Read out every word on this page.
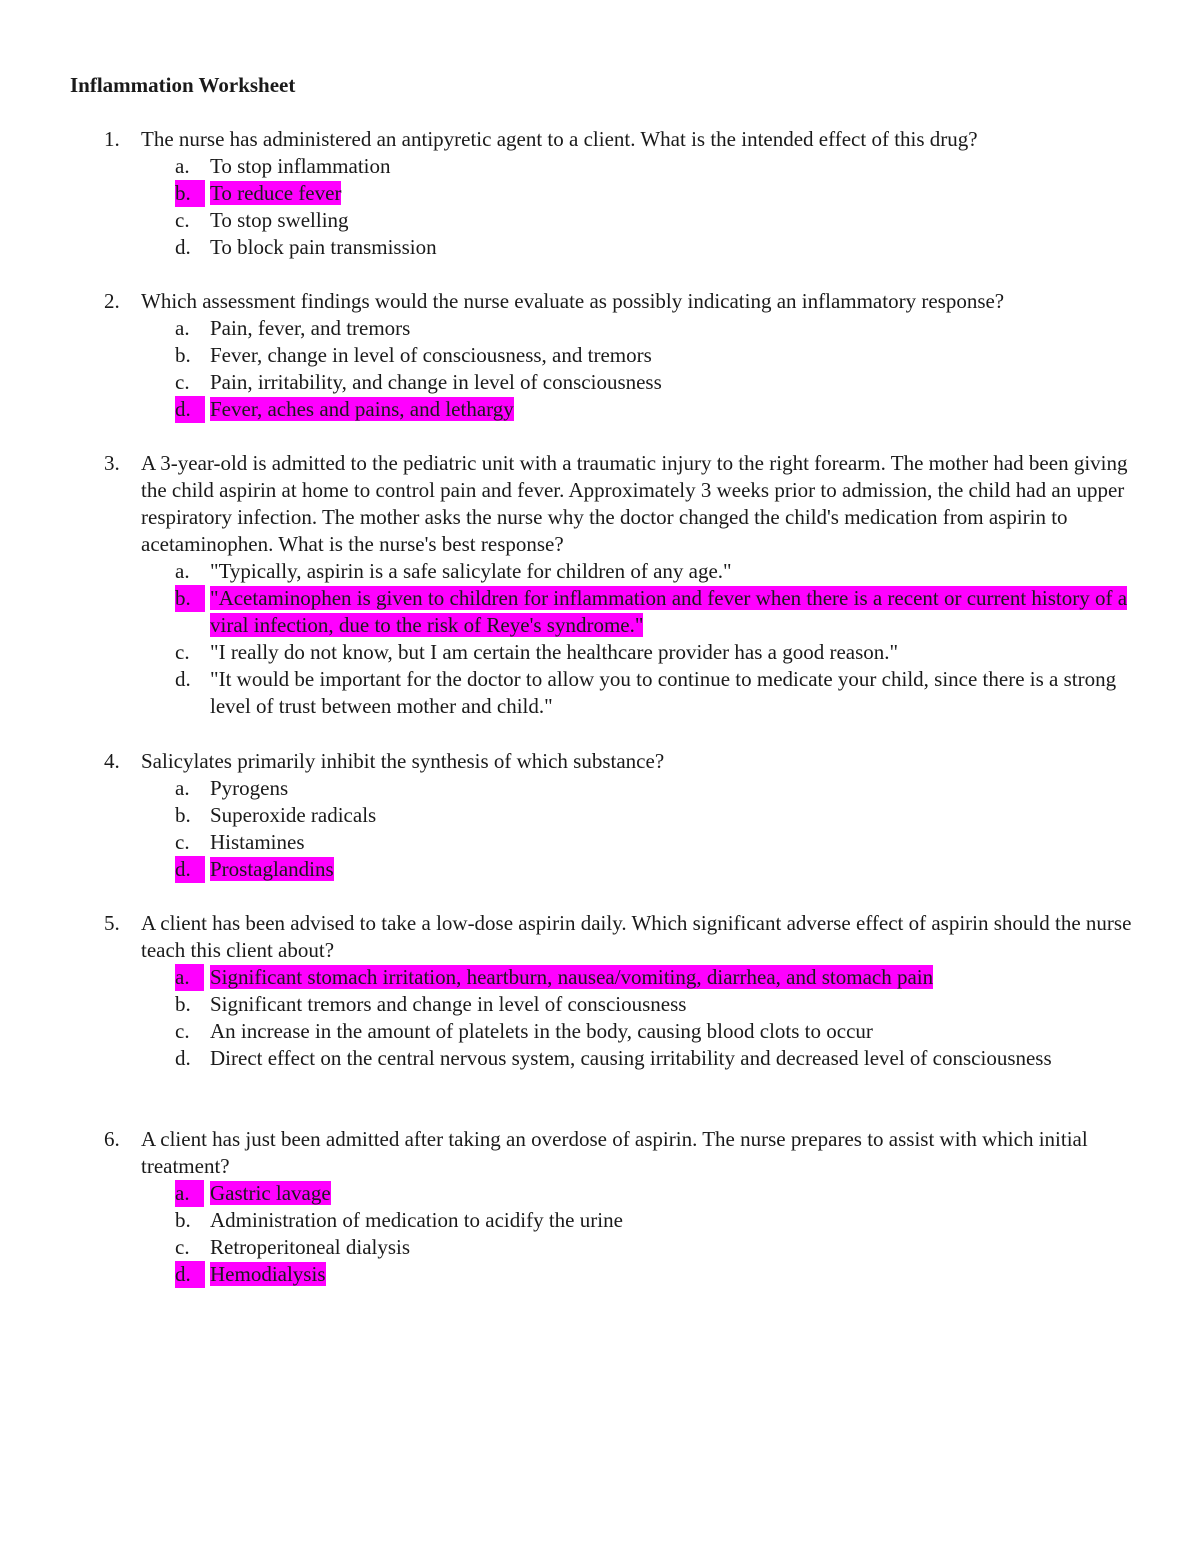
Inflammation Worksheet
1. The nurse has administered an antipyretic agent to a client. What is the intended effect of this drug?
a. To stop inflammation
b. To reduce fever
c. To stop swelling
d. To block pain transmission
2. Which assessment findings would the nurse evaluate as possibly indicating an inflammatory response?
a. Pain, fever, and tremors
b. Fever, change in level of consciousness, and tremors
c. Pain, irritability, and change in level of consciousness
d. Fever, aches and pains, and lethargy
3. A 3-year-old is admitted to the pediatric unit with a traumatic injury to the right forearm. The mother had been giving the child aspirin at home to control pain and fever. Approximately 3 weeks prior to admission, the child had an upper respiratory infection. The mother asks the nurse why the doctor changed the child's medication from aspirin to acetaminophen. What is the nurse's best response?
a. "Typically, aspirin is a safe salicylate for children of any age."
b. "Acetaminophen is given to children for inflammation and fever when there is a recent or current history of a viral infection, due to the risk of Reye's syndrome."
c. "I really do not know, but I am certain the healthcare provider has a good reason."
d. "It would be important for the doctor to allow you to continue to medicate your child, since there is a strong level of trust between mother and child."
4. Salicylates primarily inhibit the synthesis of which substance?
a. Pyrogens
b. Superoxide radicals
c. Histamines
d. Prostaglandins
5. A client has been advised to take a low-dose aspirin daily. Which significant adverse effect of aspirin should the nurse teach this client about?
a. Significant stomach irritation, heartburn, nausea/vomiting, diarrhea, and stomach pain
b. Significant tremors and change in level of consciousness
c. An increase in the amount of platelets in the body, causing blood clots to occur
d. Direct effect on the central nervous system, causing irritability and decreased level of consciousness
6. A client has just been admitted after taking an overdose of aspirin. The nurse prepares to assist with which initial treatment?
a. Gastric lavage
b. Administration of medication to acidify the urine
c. Retroperitoneal dialysis
d. Hemodialysis
